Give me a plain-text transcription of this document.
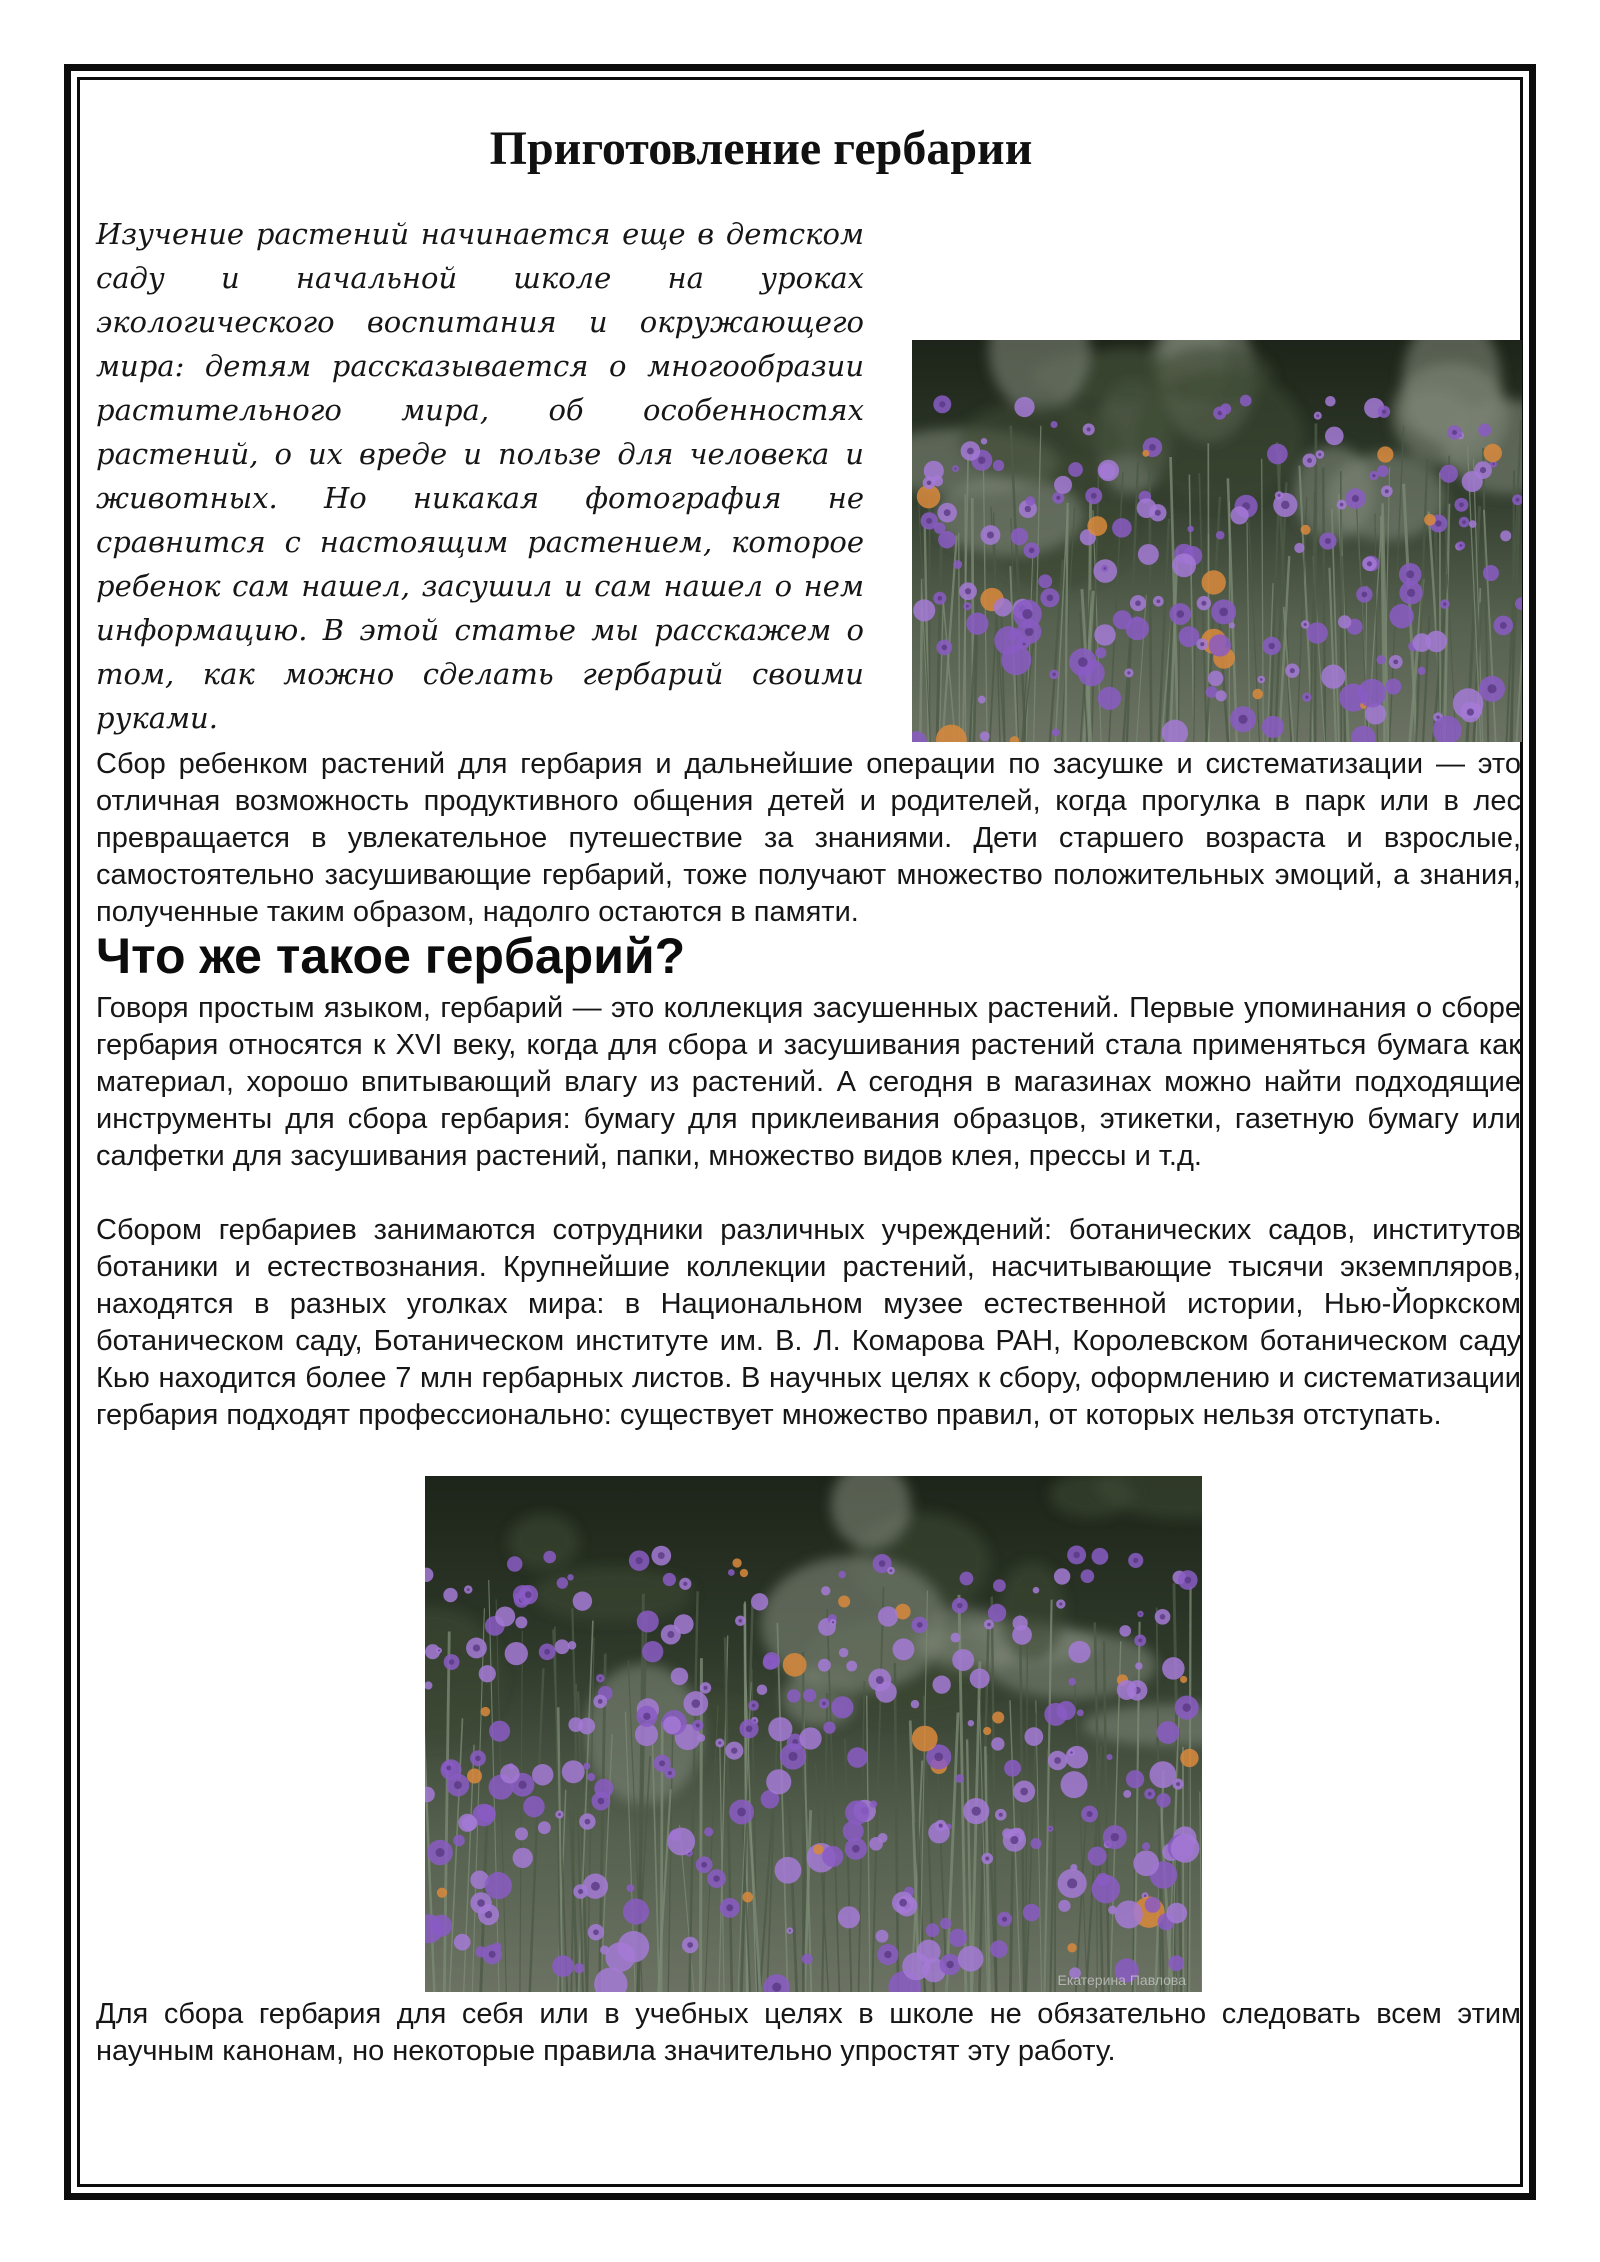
Приготовление гербарии

Изучение растений начинается еще в детском саду и начальной школе на уроках экологического воспитания и окружающего мира: детям рассказывается о многообразии растительного мира, об особенностях растений, о их вреде и пользе для человека и животных. Но никакая фотография не сравнится с настоящим растением, которое ребенок сам нашел, засушил и сам нашел о нем информацию. В этой статье мы расскажем о том, как можно сделать гербарий своими руками.

Сбор ребенком растений для гербария и дальнейшие операции по засушке и систематизации — это отличная возможность продуктивного общения детей и родителей, когда прогулка в парк или в лес превращается в увлекательное путешествие за знаниями. Дети старшего возраста и взрослые, самостоятельно засушивающие гербарий, тоже получают множество положительных эмоций, а знания, полученные таким образом, надолго остаются в памяти.

Что же такое гербарий?

Говоря простым языком, гербарий — это коллекция засушенных растений. Первые упоминания о сборе гербария относятся к XVI веку, когда для сбора и засушивания растений стала применяться бумага как материал, хорошо впитывающий влагу из растений. А сегодня в магазинах можно найти подходящие инструменты для сбора гербария: бумагу для приклеивания образцов, этикетки, газетную бумагу или салфетки для засушивания растений, папки, множество видов клея, прессы и т.д.

Сбором гербариев занимаются сотрудники различных учреждений: ботанических садов, институтов ботаники и естествознания. Крупнейшие коллекции растений, насчитывающие тысячи экземпляров, находятся в разных уголках мира: в Национальном музее естественной истории, Нью-Йоркском ботаническом саду, Ботаническом институте им. В. Л. Комарова РАН, Королевском ботаническом саду Кью находится более 7 млн гербарных листов. В научных целях к сбору, оформлению и систематизации гербария подходят профессионально: существует множество правил, от которых нельзя отступать.

Екатерина Павлова

Для сбора гербария для себя или в учебных целях в школе не обязательно следовать всем этим научным канонам, но некоторые правила значительно упростят эту работу.
